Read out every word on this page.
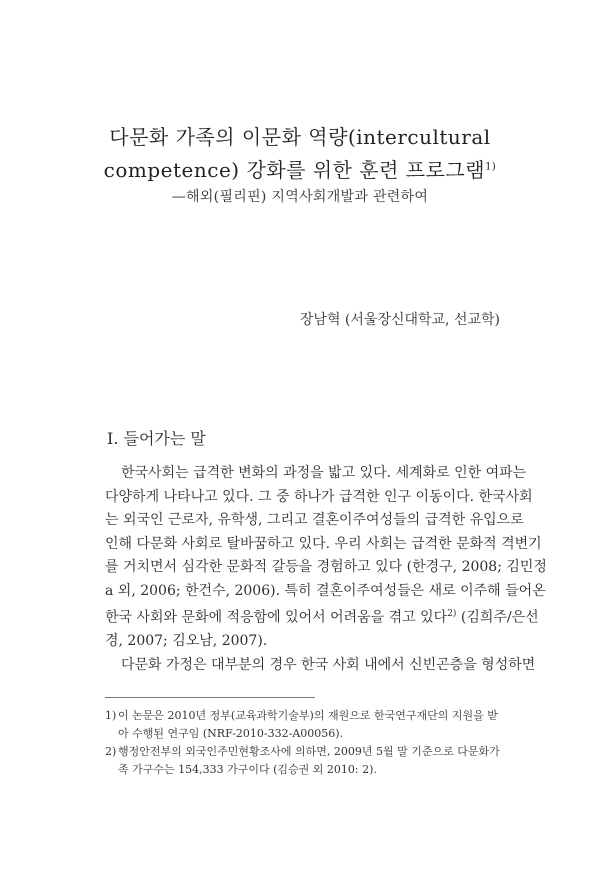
다문화 가족의 이문화 역량(intercultural
competence) 강화를 위한 훈련 프로그램$^{1)}$
—해외(필리핀) 지역사회개발과 관련하여
장남혁 (서울장신대학교, 선교학)
I. 들어가는 말
한국사회는 급격한 변화의 과정을 밟고 있다. 세계화로 인한 여파는
다양하게 나타나고 있다. 그 중 하나가 급격한 인구 이동이다. 한국사회
는 외국인 근로자, 유학생, 그리고 결혼이주여성들의 급격한 유입으로
인해 다문화 사회로 탈바꿈하고 있다. 우리 사회는 급격한 문화적 격변기
를 거치면서 심각한 문화적 갈등을 경험하고 있다 (한경구, 2008; 김민정
a 외, 2006; 한건수, 2006). 특히 결혼이주여성들은 새로 이주해 들어온
한국 사회와 문화에 적응함에 있어서 어려움을 겪고 있다$^{2)}$ (김희주/은선
경, 2007; 김오남, 2007).
다문화 가정은 대부분의 경우 한국 사회 내에서 신빈곤층을 형성하면
1) 이 논문은 2010년 정부(교육과학기술부)의 재원으로 한국연구재단의 지원을 받
아 수행된 연구임 (NRF-2010-332-A00056).
2) 행정안전부의 외국인주민현황조사에 의하면, 2009년 5월 말 기준으로 다문화가
족 가구수는 154,333 가구이다 (김승권 외 2010: 2).
